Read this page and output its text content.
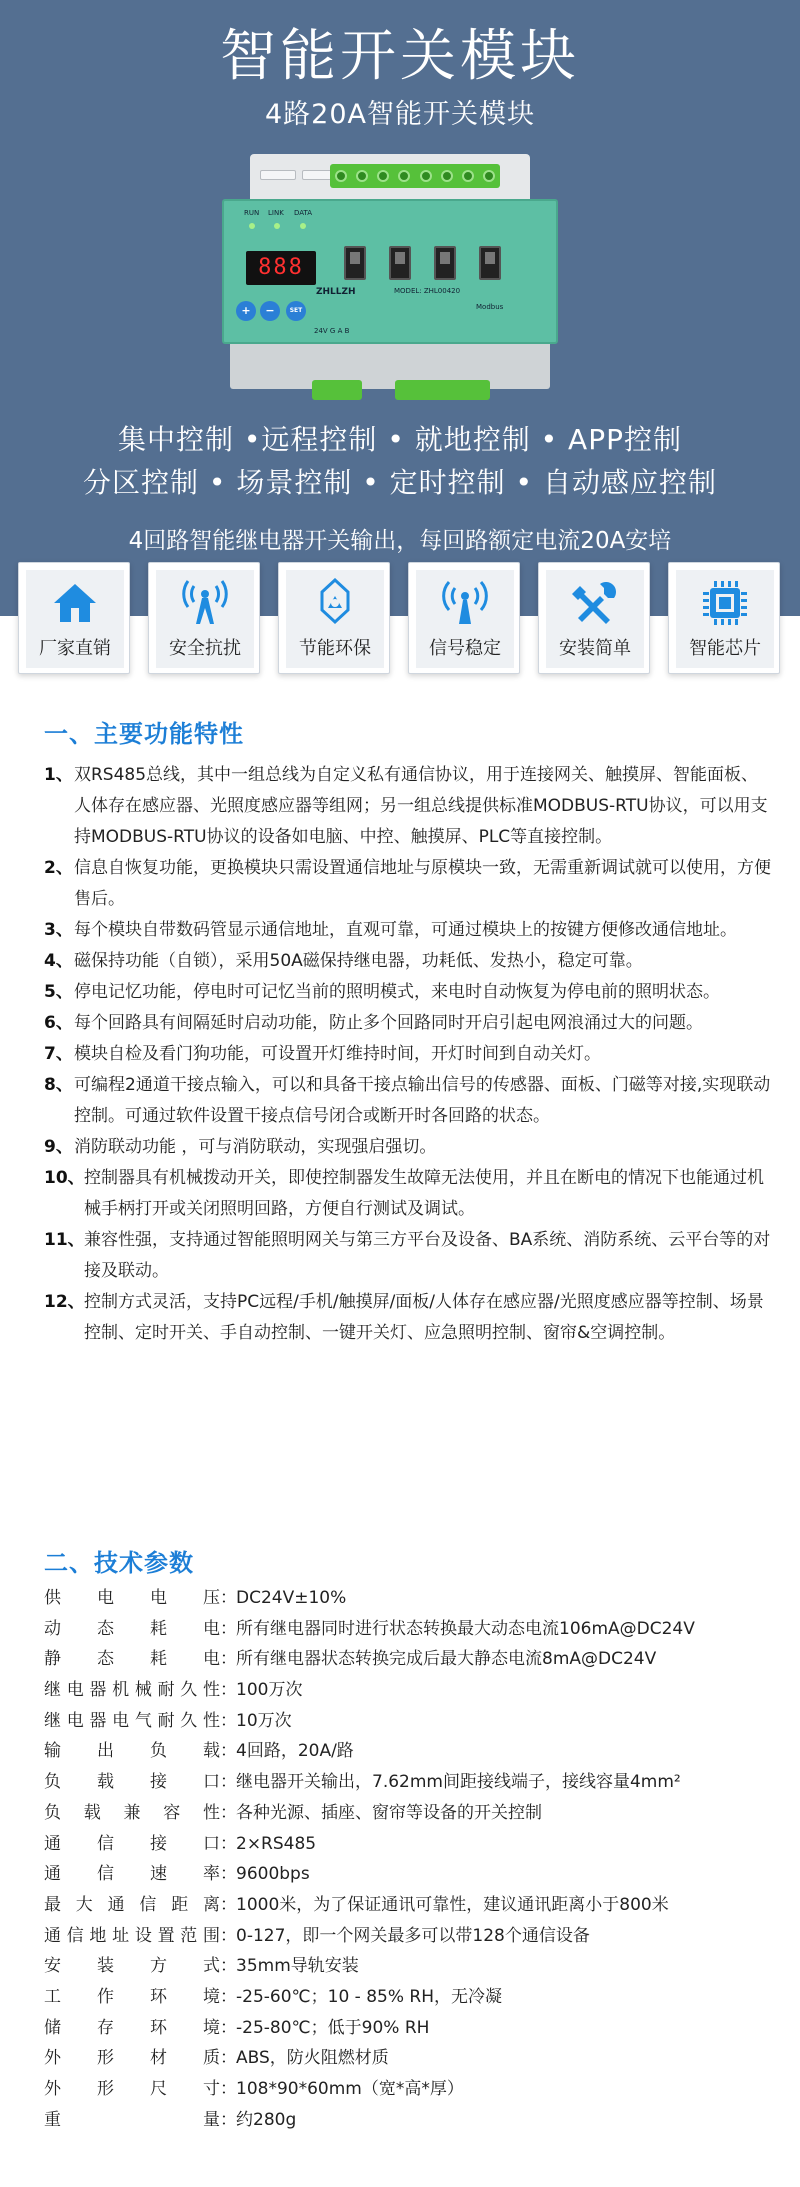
智能开关模块
4路20A智能开关模块
RUN LINK DATA
888
+	−	SET
ZHLLZH	MODEL: ZHL00420
24V G A B
Modbus
集中控制 •远程控制 • 就地控制 • APP控制
分区控制 • 场景控制 • 定时控制 • 自动感应控制
4回路智能继电器开关输出，每回路额定电流20A安培
厂家直销	安全抗扰	节能环保	信号稳定	安装简单	智能芯片
一、主要功能特性
1、 双RS485总线，其中一组总线为自定义私有通信协议，用于连接网关、触摸屏、智能面板、人体存在感应器、光照度感应器等组网；另一组总线提供标准MODBUS-RTU协议，可以用支持MODBUS-RTU协议的设备如电脑、中控、触摸屏、PLC等直接控制。
2、 信息自恢复功能，更换模块只需设置通信地址与原模块一致，无需重新调试就可以使用，方便售后。
3、 每个模块自带数码管显示通信地址，直观可靠，可通过模块上的按键方便修改通信地址。
4、 磁保持功能（自锁），采用50A磁保持继电器，功耗低、发热小，稳定可靠。
5、 停电记忆功能，停电时可记忆当前的照明模式，来电时自动恢复为停电前的照明状态。
6、 每个回路具有间隔延时启动功能，防止多个回路同时开启引起电网浪涌过大的问题。
7、 模块自检及看门狗功能，可设置开灯维持时间，开灯时间到自动关灯。
8、 可编程2通道干接点输入，可以和具备干接点输出信号的传感器、面板、门磁等对接,实现联动控制。可通过软件设置干接点信号闭合或断开时各回路的状态。
9、 消防联动功能 ，可与消防联动，实现强启强切。
10、 控制器具有机械拨动开关，即使控制器发生故障无法使用，并且在断电的情况下也能通过机械手柄打开或关闭照明回路，方便自行测试及调试。
11、 兼容性强，支持通过智能照明网关与第三方平台及设备、BA系统、消防系统、云平台等的对接及联动。
12、 控制方式灵活，支持PC远程/手机/触摸屏/面板/人体存在感应器/光照度感应器等控制、场景控制、定时开关、手自动控制、一键开关灯、应急照明控制、窗帘&空调控制。
二、技术参数
供电电压 ： DC24V±10%
动态耗电 ： 所有继电器同时进行状态转换最大动态电流106mA@DC24V
静态耗电 ： 所有继电器状态转换完成后最大静态电流8mA@DC24V
继电器机械耐久性 ： 100万次
继电器电气耐久性 ： 10万次
输出负载 ： 4回路，20A/路
负载接口 ： 继电器开关输出，7.62mm间距接线端子，接线容量4mm²
负载兼容性 ： 各种光源、插座、窗帘等设备的开关控制
通信接口 ： 2×RS485
通信速率 ： 9600bps
最大通信距离 ： 1000米，为了保证通讯可靠性，建议通讯距离小于800米
通信地址设置范围 ： 0-127，即一个网关最多可以带128个通信设备
安装方式 ： 35mm导轨安装
工作环境 ： -25-60℃；10 - 85% RH，无冷凝
储存环境 ： -25-80℃；低于90% RH
外形材质 ： ABS，防火阻燃材质
外形尺寸 ： 108*90*60mm（宽*高*厚）
重量 ： 约280g
